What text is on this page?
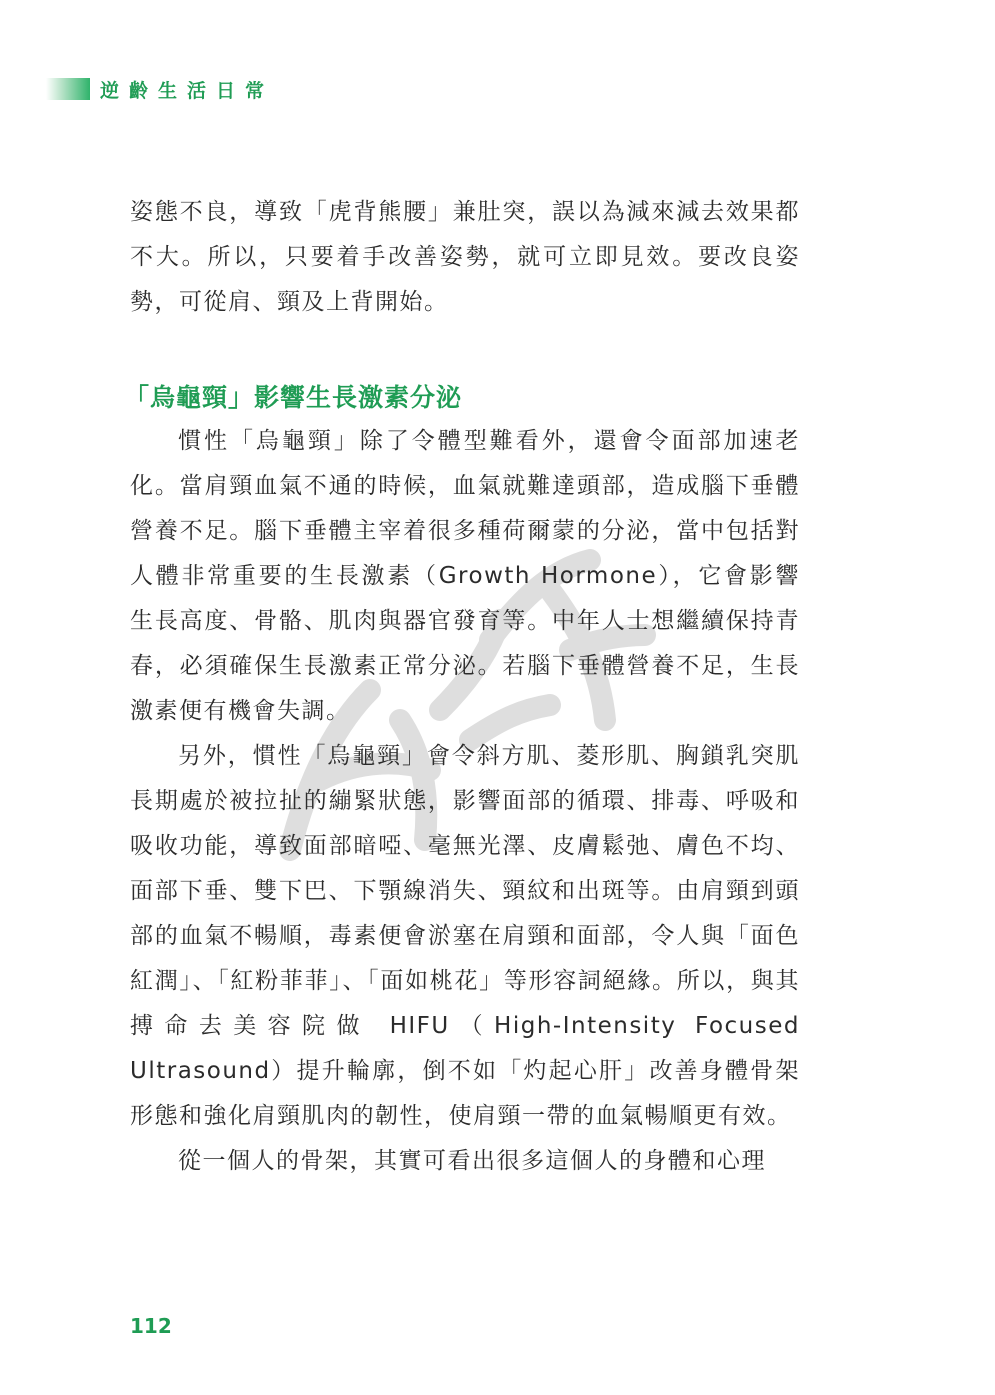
逆齡生活日常

姿態不良，導致「虎背熊腰」兼肚突，誤以為減來減去效果都不大。所以，只要着手改善姿勢，就可立即見效。要改良姿勢，可從肩、頸及上背開始。

「烏龜頸」影響生長激素分泌

慣性「烏龜頸」除了令體型難看外，還會令面部加速老化。當肩頸血氣不通的時候，血氣就難達頭部，造成腦下垂體營養不足。腦下垂體主宰着很多種荷爾蒙的分泌，當中包括對人體非常重要的生長激素（Growth Hormone），它會影響生長高度、骨骼、肌肉與器官發育等。中年人士想繼續保持青春，必須確保生長激素正常分泌。若腦下垂體營養不足，生長激素便有機會失調。

另外，慣性「烏龜頸」會令斜方肌、菱形肌、胸鎖乳突肌長期處於被拉扯的繃緊狀態，影響面部的循環、排毒、呼吸和吸收功能，導致面部暗啞、毫無光澤、皮膚鬆弛、膚色不均、面部下垂、雙下巴、下顎線消失、頸紋和出斑等。由肩頸到頭部的血氣不暢順，毒素便會淤塞在肩頸和面部，令人與「面色紅潤」、「紅粉菲菲」、「面如桃花」等形容詞絕緣。所以，與其搏命去美容院做 HIFU（High-Intensity Focused Ultrasound）提升輪廓，倒不如「灼起心肝」改善身體骨架形態和強化肩頸肌肉的韌性，使肩頸一帶的血氣暢順更有效。

從一個人的骨架，其實可看出很多這個人的身體和心理

112
